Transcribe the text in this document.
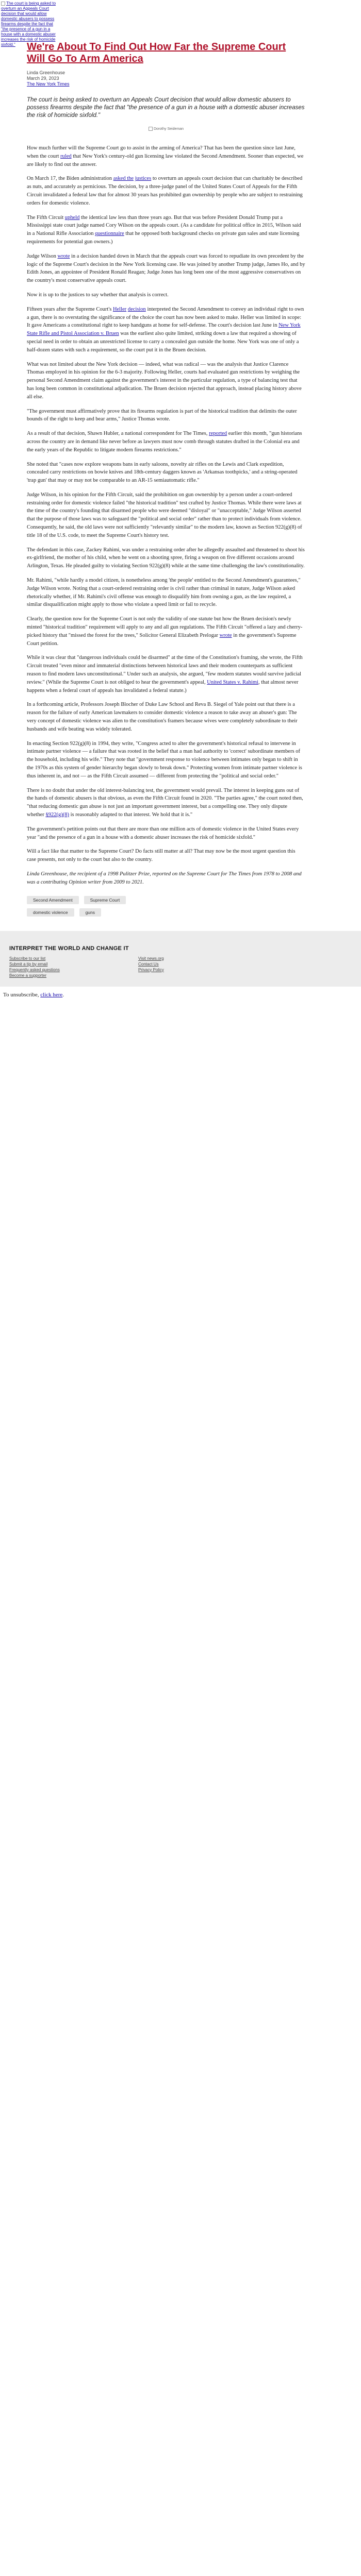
The court is being asked to overturn an Appeals Court decision that would allow domestic abusers to possess firearms despite the fact that "the presence of a gun in a house with a domestic abuser increases the risk of homicide sixfold."	We're About To Find Out How Far the Supreme Court Will Go To Arm America
Linda Greenhouse
March 29, 2023
The New York Times
The court is being asked to overturn an Appeals Court decision that would allow domestic abusers to possess firearms despite the fact that "the presence of a gun in a house with a domestic abuser increases the risk of homicide sixfold."
Dorothy Seideman

How much further will the Supreme Court go to assist in the arming of America? That has been the question since last June, when the court ruled that New York's century-old gun licensing law violated the Second Amendment. Sooner than expected, we are likely to find out the answer.

On March 17, the Biden administration asked the justices to overturn an appeals court decision that can charitably be described as nuts, and accurately as pernicious. The decision, by a three-judge panel of the United States Court of Appeals for the Fifth Circuit invalidated a federal law that for almost 30 years has prohibited gun ownership by people who are subject to restraining orders for domestic violence.

The Fifth Circuit upheld the identical law less than three years ago. But that was before President Donald Trump put a Mississippi state court judge named Cory Wilson on the appeals court. (As a candidate for political office in 2015, Wilson said in a National Rifle Association questionnaire that he opposed both background checks on private gun sales and state licensing requirements for potential gun owners.)

Judge Wilson wrote in a decision handed down in March that the appeals court was forced to repudiate its own precedent by the logic of the Supreme Court's decision in the New York licensing case. He was joined by another Trump judge, James Ho, and by Edith Jones, an appointee of President Ronald Reagan; Judge Jones has long been one of the most aggressive conservatives on the country's most conservative appeals court.

Now it is up to the justices to say whether that analysis is correct.

Fifteen years after the Supreme Court's Heller decision interpreted the Second Amendment to convey an individual right to own a gun, there is no overstating the significance of the choice the court has now been asked to make. Heller was limited in scope: It gave Americans a constitutional right to keep handguns at home for self-defense. The court's decision last June in New York State Rifle and Pistol Association v. Bruen was the earliest also quite limited, striking down a law that required a showing of special need in order to obtain an unrestricted license to carry a concealed gun outside the home. New York was one of only a half-dozen states with such a requirement, so the court put it in the Bruen decision.

What was not limited about the New York decision — indeed, what was radical — was the analysis that Justice Clarence Thomas employed in his opinion for the 6-3 majority. Following Heller, courts had evaluated gun restrictions by weighing the personal Second Amendment claim against the government's interest in the particular regulation, a type of balancing test that has long been common in constitutional adjudication. The Bruen decision rejected that approach, instead placing history above all else.

"The government must affirmatively prove that its firearms regulation is part of the historical tradition that delimits the outer bounds of the right to keep and bear arms," Justice Thomas wrote.

As a result of that decision, Shawn Hubler, a national correspondent for The Times, reported earlier this month, "gun historians across the country are in demand like never before as lawyers must now comb through statutes drafted in the Colonial era and the early years of the Republic to litigate modern firearms restrictions."

She noted that "cases now explore weapons bans in early saloons, novelty air rifles on the Lewis and Clark expedition, concealed carry restrictions on bowie knives and 18th-century daggers known as 'Arkansas toothpicks,' and a string-operated 'trap gun' that may or may not be comparable to an AR-15 semiautomatic rifle."

Judge Wilson, in his opinion for the Fifth Circuit, said the prohibition on gun ownership by a person under a court-ordered restraining order for domestic violence failed "the historical tradition" test crafted by Justice Thomas. While there were laws at the time of the country's founding that disarmed people who were deemed "disloyal" or "unacceptable," Judge Wilson asserted that the purpose of those laws was to safeguard the "political and social order" rather than to protect individuals from violence. Consequently, he said, the old laws were not sufficiently "relevantly similar" to the modern law, known as Section 922(g)(8) of title 18 of the U.S. code, to meet the Supreme Court's history test.

The defendant in this case, Zackey Rahimi, was under a restraining order after he allegedly assaulted and threatened to shoot his ex-girlfriend, the mother of his child, when he went on a shooting spree, firing a weapon on five different occasions around Arlington, Texas. He pleaded guilty to violating Section 922(g)(8) while at the same time challenging the law's constitutionality.

Mr. Rahimi, "while hardly a model citizen, is nonetheless among 'the people' entitled to the Second Amendment's guarantees," Judge Wilson wrote. Noting that a court-ordered restraining order is civil rather than criminal in nature, Judge Wilson asked rhetorically whether, if Mr. Rahimi's civil offense was enough to disqualify him from owning a gun, as the law required, a similar disqualification might apply to those who violate a speed limit or fail to recycle.

Clearly, the question now for the Supreme Court is not only the validity of one statute but how the Bruen decision's newly minted "historical tradition" requirement will apply to any and all gun regulations. The Fifth Circuit "offered a lazy and cherry-picked history that "missed the forest for the trees," Solicitor General Elizabeth Prelogar wrote in the government's Supreme Court petition.

While it was clear that "dangerous individuals could be disarmed" at the time of the Constitution's framing, she wrote, the Fifth Circuit treated "even minor and immaterial distinctions between historical laws and their modern counterparts as sufficient reason to find modern laws unconstitutional." Under such an analysis, she argued, "few modern statutes would survive judicial review." (While the Supreme Court is not obliged to hear the government's appeal, United States v. Rahimi, that almost never happens when a federal court of appeals has invalidated a federal statute.)

In a forthcoming article, Professors Joseph Blocher of Duke Law School and Reva B. Siegel of Yale point out that there is a reason for the failure of early American lawmakers to consider domestic violence a reason to take away an abuser's gun: The very concept of domestic violence was alien to the constitution's framers because wives were completely subordinate to their husbands and wife beating was widely tolerated.

In enacting Section 922(g)(8) in 1994, they write, "Congress acted to alter the government's historical refusal to intervene in intimate partner violence — a failure that was rooted in the belief that a man had authority to 'correct' subordinate members of the household, including his wife." They note that "government response to violence between intimates only began to shift in the 1970s as this system of gender hierarchy began slowly to break down." Protecting women from intimate partner violence is thus inherent in, and not — as the Fifth Circuit assumed — different from protecting the "political and social order."

There is no doubt that under the old interest-balancing test, the government would prevail. The interest in keeping guns out of the hands of domestic abusers is that obvious, as even the Fifth Circuit found in 2020. "The parties agree," the court noted then, "that reducing domestic gun abuse is not just an important government interest, but a compelling one. They only dispute whether §922(g)(8) is reasonably adapted to that interest. We hold that it is."

The government's petition points out that there are more than one million acts of domestic violence in the United States every year "and the presence of a gun in a house with a domestic abuser increases the risk of homicide sixfold."

Will a fact like that matter to the Supreme Court? Do facts still matter at all? That may now be the most urgent question this case presents, not only to the court but also to the country.

Linda Greenhouse, the recipient of a 1998 Pulitzer Prize, reported on the Supreme Court for The Times from 1978 to 2008 and was a contributing Opinion writer from 2009 to 2021.

Second Amendment	Supreme Court
domestic violence	guns
INTERPRET THE WORLD AND CHANGE IT
Subscribe to our list
Submit a tip by email
Frequently asked questions
Become a supporter
Visit news.org
Contact Us
Privacy Policy
To unsubscribe, click here.
